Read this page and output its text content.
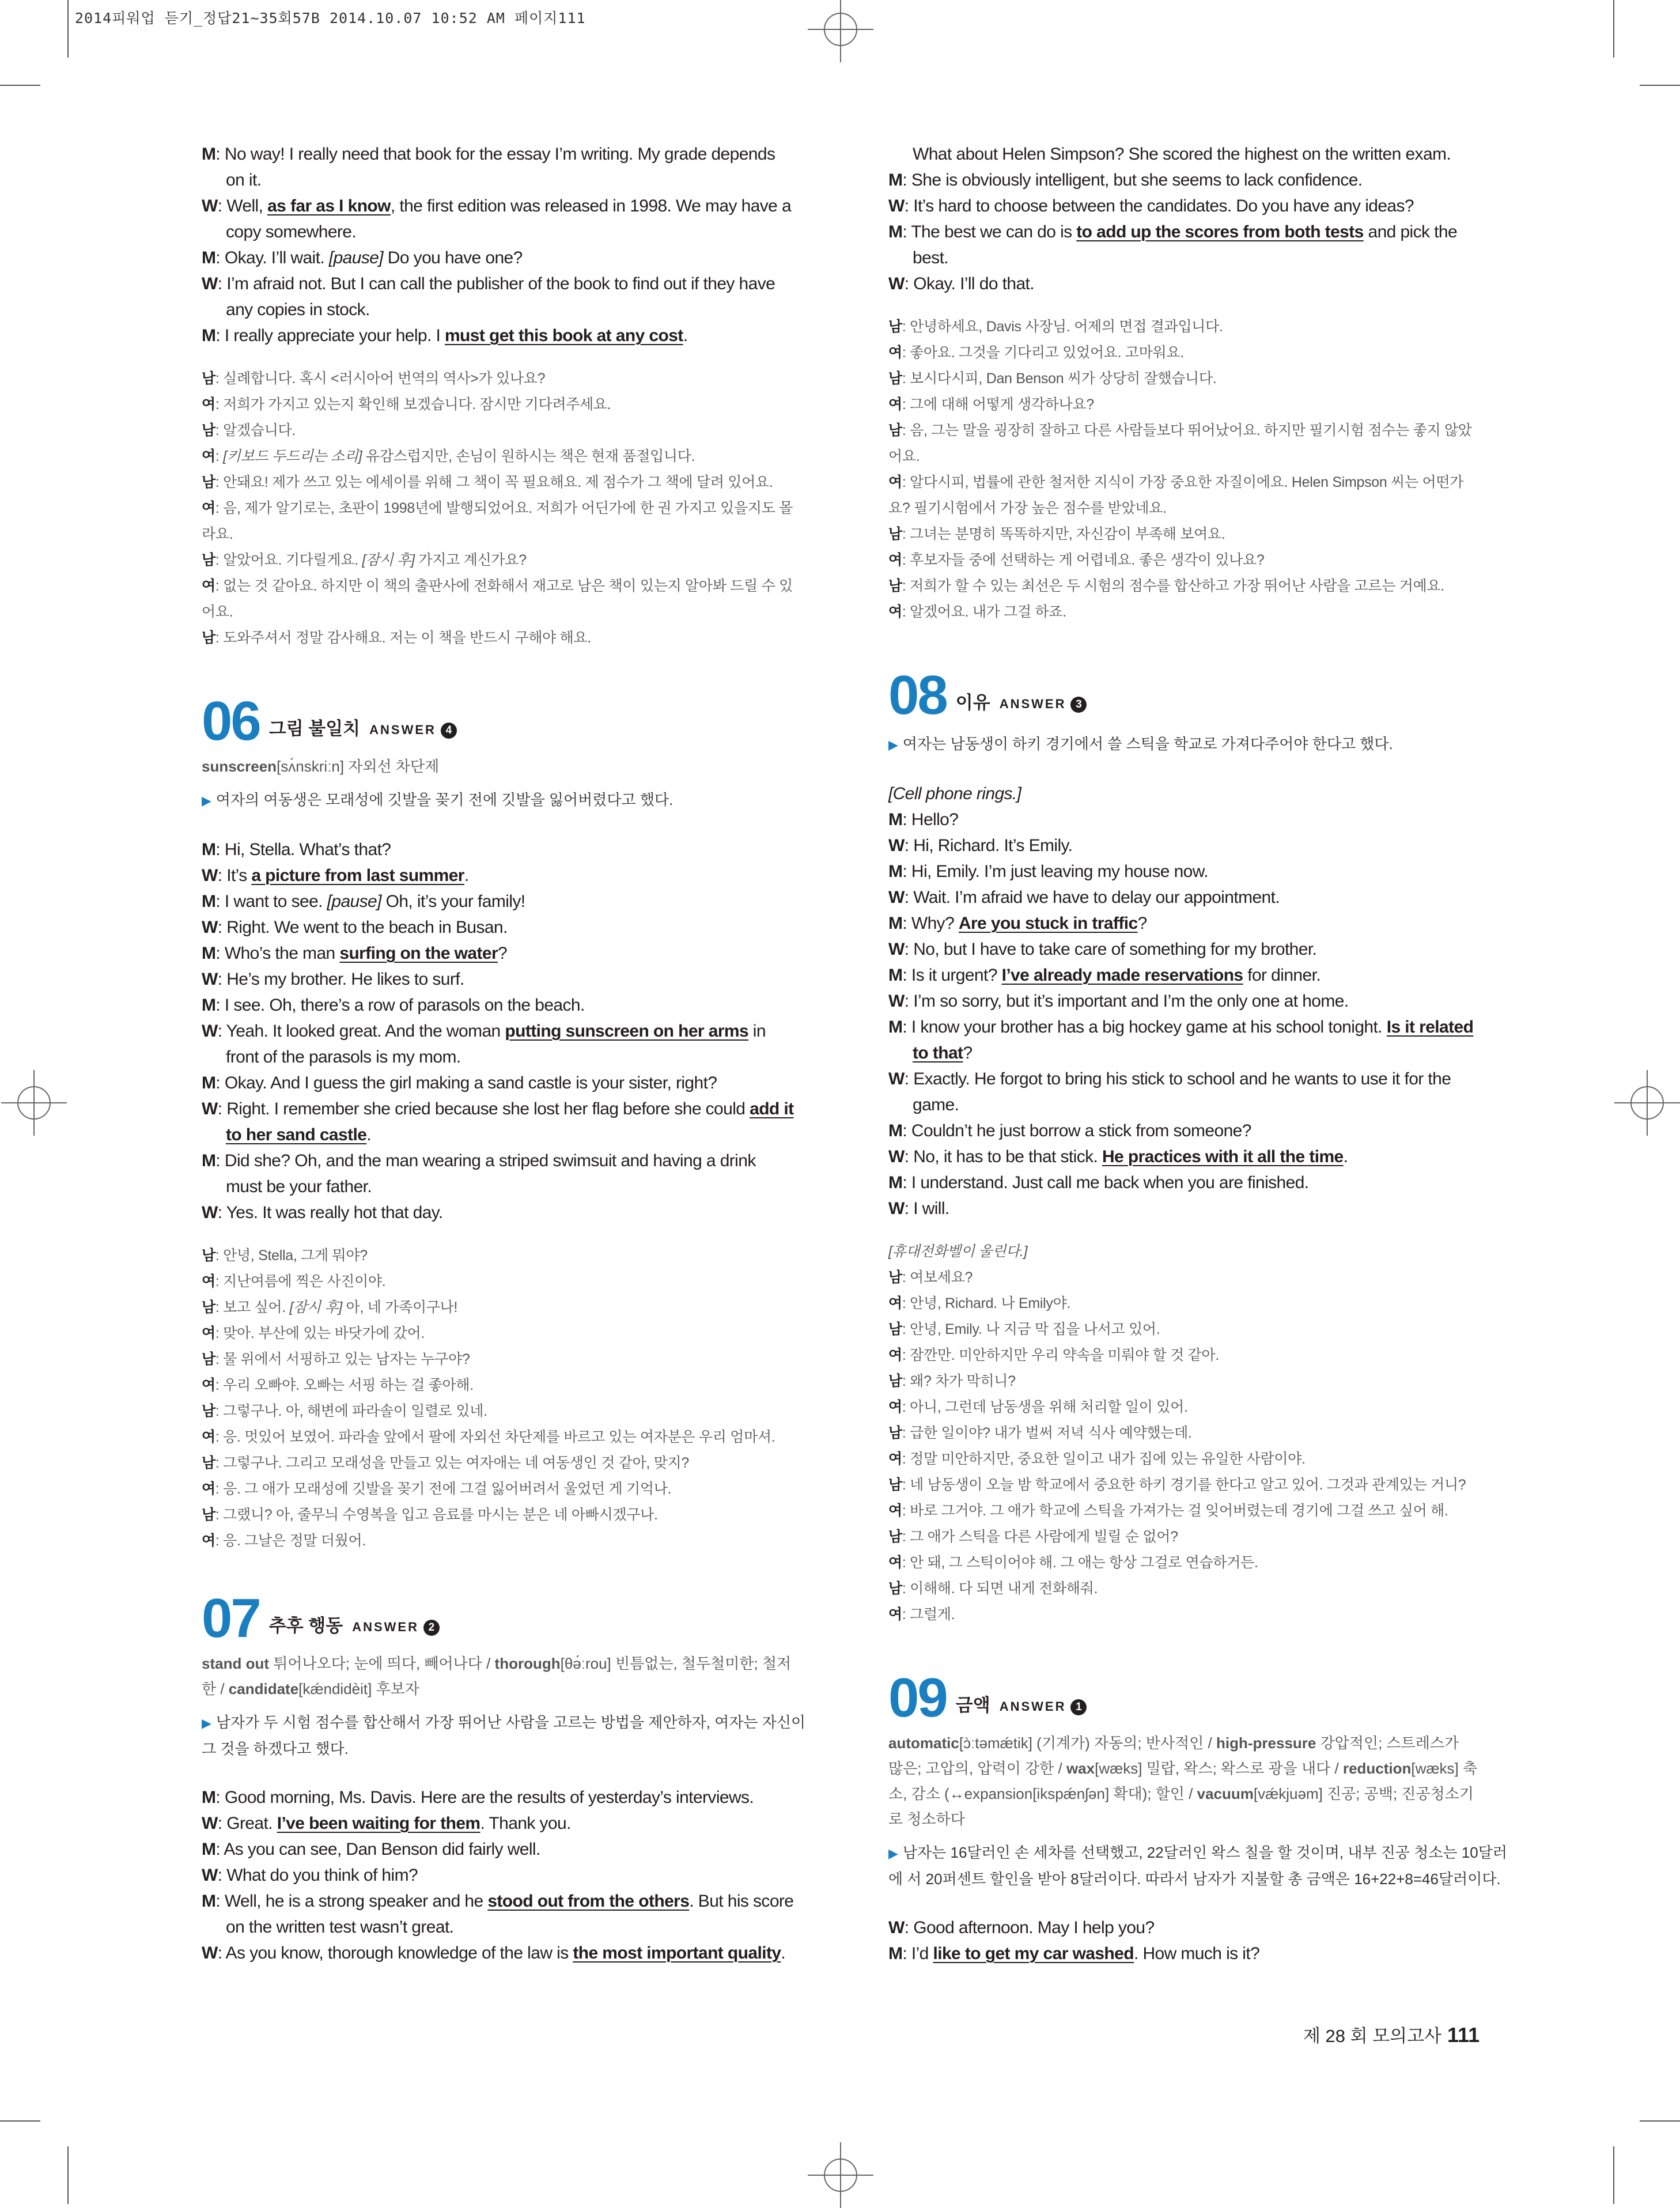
2014피워업 듣기_정답21~35회57B 2014.10.07 10:52 AM 페이지111
M: No way! I really need that book for the essay I’m writing. My grade depends
on it.
W: Well, as far as I know, the first edition was released in 1998. We may have a
copy somewhere.
M: Okay. I’ll wait. [pause] Do you have one?
W: I’m afraid not. But I can call the publisher of the book to find out if they have
any copies in stock.
M: I really appreciate your help. I must get this book at any cost.
남: 실례합니다. 혹시 <러시아어 번역의 역사>가 있나요?
여: 저희가 가지고 있는지 확인해 보겠습니다. 잠시만 기다려주세요.
남: 알겠습니다.
여: [키보드 두드리는 소리] 유감스럽지만, 손님이 원하시는 책은 현재 품절입니다.
남: 안돼요! 제가 쓰고 있는 에세이를 위해 그 책이 꼭 필요해요. 제 점수가 그 책에 달려 있어요.
여: 음, 제가 알기로는, 초판이 1998년에 발행되었어요. 저희가 어딘가에 한 권 가지고 있을지도 몰
라요.
남: 알았어요. 기다릴게요. [잠시 후] 가지고 계신가요?
여: 없는 것 같아요. 하지만 이 책의 출판사에 전화해서 재고로 남은 책이 있는지 알아봐 드릴 수 있
어요.
남: 도와주셔서 정말 감사해요. 저는 이 책을 반드시 구해야 해요.
06 그림 불일치 ANSWER 4
sunscreen[sʌ́nskriːn] 자외선 차단제
▶ 여자의 여동생은 모래성에 깃발을 꽂기 전에 깃발을 잃어버렸다고 했다.
M: Hi, Stella. What’s that?
W: It’s a picture from last summer.
M: I want to see. [pause] Oh, it’s your family!
W: Right. We went to the beach in Busan.
M: Who’s the man surfing on the water?
W: He’s my brother. He likes to surf.
M: I see. Oh, there’s a row of parasols on the beach.
W: Yeah. It looked great. And the woman putting sunscreen on her arms in
front of the parasols is my mom.
M: Okay. And I guess the girl making a sand castle is your sister, right?
W: Right. I remember she cried because she lost her flag before she could add it
to her sand castle.
M: Did she? Oh, and the man wearing a striped swimsuit and having a drink
must be your father.
W: Yes. It was really hot that day.
남: 안녕, Stella, 그게 뭐야?
여: 지난여름에 찍은 사진이야.
남: 보고 싶어. [잠시 후] 아, 네 가족이구나!
여: 맞아. 부산에 있는 바닷가에 갔어.
남: 물 위에서 서핑하고 있는 남자는 누구야?
여: 우리 오빠야. 오빠는 서핑 하는 걸 좋아해.
남: 그렇구나. 아, 해변에 파라솔이 일렬로 있네.
여: 응. 멋있어 보였어. 파라솔 앞에서 팔에 자외선 차단제를 바르고 있는 여자분은 우리 엄마셔.
남: 그렇구나. 그리고 모래성을 만들고 있는 여자애는 네 여동생인 것 같아, 맞지?
여: 응. 그 애가 모래성에 깃발을 꽂기 전에 그걸 잃어버려서 울었던 게 기억나.
남: 그랬니? 아, 줄무늬 수영복을 입고 음료를 마시는 분은 네 아빠시겠구나.
여: 응. 그날은 정말 더웠어.
07 추후 행동 ANSWER 2
stand out 튀어나오다; 눈에 띄다, 빼어나다 / thorough[θə́ːrou] 빈틈없는, 철두철미한; 철저
한 / candidate[kǽndidèit] 후보자
▶ 남자가 두 시험 점수를 합산해서 가장 뛰어난 사람을 고르는 방법을 제안하자, 여자는 자신이 그 것을 하겠다고 했다.
M: Good morning, Ms. Davis. Here are the results of yesterday’s interviews.
W: Great. I’ve been waiting for them. Thank you.
M: As you can see, Dan Benson did fairly well.
W: What do you think of him?
M: Well, he is a strong speaker and he stood out from the others. But his score
on the written test wasn’t great.
W: As you know, thorough knowledge of the law is the most important quality.
What about Helen Simpson? She scored the highest on the written exam.
M: She is obviously intelligent, but she seems to lack confidence.
W: It’s hard to choose between the candidates. Do you have any ideas?
M: The best we can do is to add up the scores from both tests and pick the
best.
W: Okay. I’ll do that.
남: 안녕하세요, Davis 사장님. 어제의 면접 결과입니다.
여: 좋아요. 그것을 기다리고 있었어요. 고마워요.
남: 보시다시피, Dan Benson 씨가 상당히 잘했습니다.
여: 그에 대해 어떻게 생각하나요?
남: 음, 그는 말을 굉장히 잘하고 다른 사람들보다 뛰어났어요. 하지만 필기시험 점수는 좋지 않았
어요.
여: 알다시피, 법률에 관한 철저한 지식이 가장 중요한 자질이에요. Helen Simpson 씨는 어떤가
요? 필기시험에서 가장 높은 점수를 받았네요.
남: 그녀는 분명히 똑똑하지만, 자신감이 부족해 보여요.
여: 후보자들 중에 선택하는 게 어렵네요. 좋은 생각이 있나요?
남: 저희가 할 수 있는 최선은 두 시험의 점수를 합산하고 가장 뛰어난 사람을 고르는 거예요.
여: 알겠어요. 내가 그걸 하죠.
08 이유 ANSWER 3
▶ 여자는 남동생이 하키 경기에서 쓸 스틱을 학교로 가져다주어야 한다고 했다.
[Cell phone rings.]
M: Hello?
W: Hi, Richard. It’s Emily.
M: Hi, Emily. I’m just leaving my house now.
W: Wait. I’m afraid we have to delay our appointment.
M: Why? Are you stuck in traffic?
W: No, but I have to take care of something for my brother.
M: Is it urgent? I’ve already made reservations for dinner.
W: I’m so sorry, but it’s important and I’m the only one at home.
M: I know your brother has a big hockey game at his school tonight. Is it related
to that?
W: Exactly. He forgot to bring his stick to school and he wants to use it for the
game.
M: Couldn’t he just borrow a stick from someone?
W: No, it has to be that stick. He practices with it all the time.
M: I understand. Just call me back when you are finished.
W: I will.
[휴대전화벨이 울린다.]
남: 여보세요?
여: 안녕, Richard. 나 Emily야.
남: 안녕, Emily. 나 지금 막 집을 나서고 있어.
여: 잠깐만. 미안하지만 우리 약속을 미뤄야 할 것 같아.
남: 왜? 차가 막히니?
여: 아니, 그런데 남동생을 위해 처리할 일이 있어.
남: 급한 일이야? 내가 벌써 저녁 식사 예약했는데.
여: 정말 미안하지만, 중요한 일이고 내가 집에 있는 유일한 사람이야.
남: 네 남동생이 오늘 밤 학교에서 중요한 하키 경기를 한다고 알고 있어. 그것과 관계있는 거니?
여: 바로 그거야. 그 애가 학교에 스틱을 가져가는 걸 잊어버렸는데 경기에 그걸 쓰고 싶어 해.
남: 그 애가 스틱을 다른 사람에게 빌릴 순 없어?
여: 안 돼, 그 스틱이어야 해. 그 애는 항상 그걸로 연습하거든.
남: 이해해. 다 되면 내게 전화해줘.
여: 그럴게.
09 금액 ANSWER 1
automatic[ɔ̀ːtəmǽtik] (기계가) 자동의; 반사적인 / high-pressure 강압적인; 스트레스가
많은; 고압의, 압력이 강한 / wax[wæks] 밀랍, 왁스; 왁스로 광을 내다 / reduction[wæks] 축
소, 감소 (↔expansion[ikspǽnʃən] 확대); 할인 / vacuum[vǽkjuəm] 진공; 공백; 진공청소기
로 청소하다
▶ 남자는 16달러인 손 세차를 선택했고, 22달러인 왁스 칠을 할 것이며, 내부 진공 청소는 10달러에 서 20퍼센트 할인을 받아 8달러이다. 따라서 남자가 지불할 총 금액은 16+22+8=46달러이다.
W: Good afternoon. May I help you?
M: I’d like to get my car washed. How much is it?
제 28 회 모의고사 111
